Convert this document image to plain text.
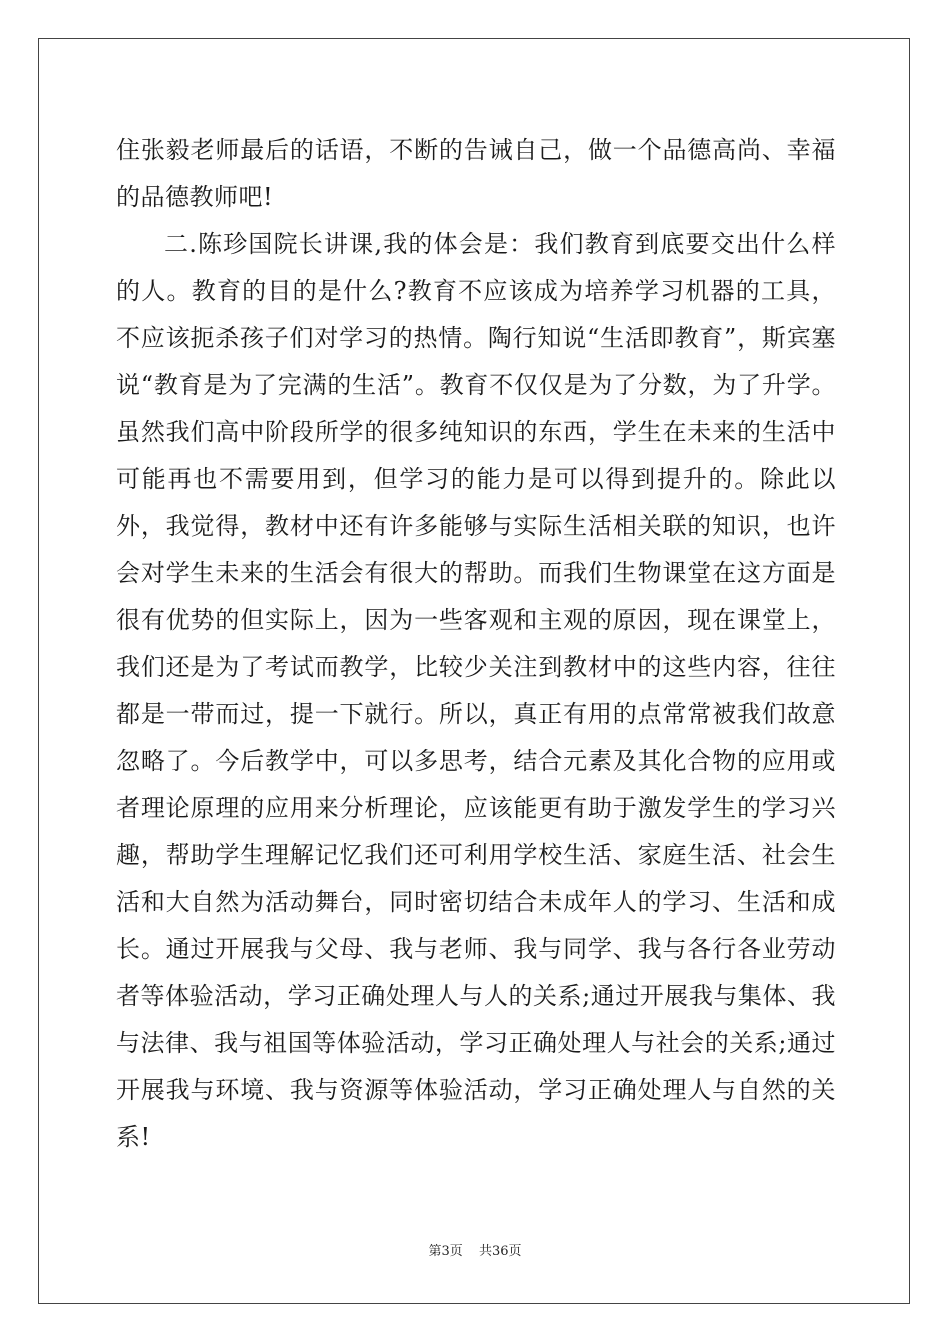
住张毅老师最后的话语，不断的告诫自己，做一个品德高尚、幸福的品德教师吧!

二.陈珍国院长讲课,我的体会是：我们教育到底要交出什么样的人。教育的目的是什么?教育不应该成为培养学习机器的工具，不应该扼杀孩子们对学习的热情。陶行知说“生活即教育”，斯宾塞说“教育是为了完满的生活”。教育不仅仅是为了分数，为了升学。虽然我们高中阶段所学的很多纯知识的东西，学生在未来的生活中可能再也不需要用到，但学习的能力是可以得到提升的。除此以外，我觉得，教材中还有许多能够与实际生活相关联的知识，也许会对学生未来的生活会有很大的帮助。而我们生物课堂在这方面是很有优势的但实际上，因为一些客观和主观的原因，现在课堂上，我们还是为了考试而教学，比较少关注到教材中的这些内容，往往都是一带而过，提一下就行。所以，真正有用的点常常被我们故意忽略了。今后教学中，可以多思考，结合元素及其化合物的应用或者理论原理的应用来分析理论，应该能更有助于激发学生的学习兴趣，帮助学生理解记忆我们还可利用学校生活、家庭生活、社会生活和大自然为活动舞台，同时密切结合未成年人的学习、生活和成长。通过开展我与父母、我与老师、我与同学、我与各行各业劳动者等体验活动，学习正确处理人与人的关系;通过开展我与集体、我与法律、我与祖国等体验活动，学习正确处理人与社会的关系;通过开展我与环境、我与资源等体验活动，学习正确处理人与自然的关系!

第3页 共36页
